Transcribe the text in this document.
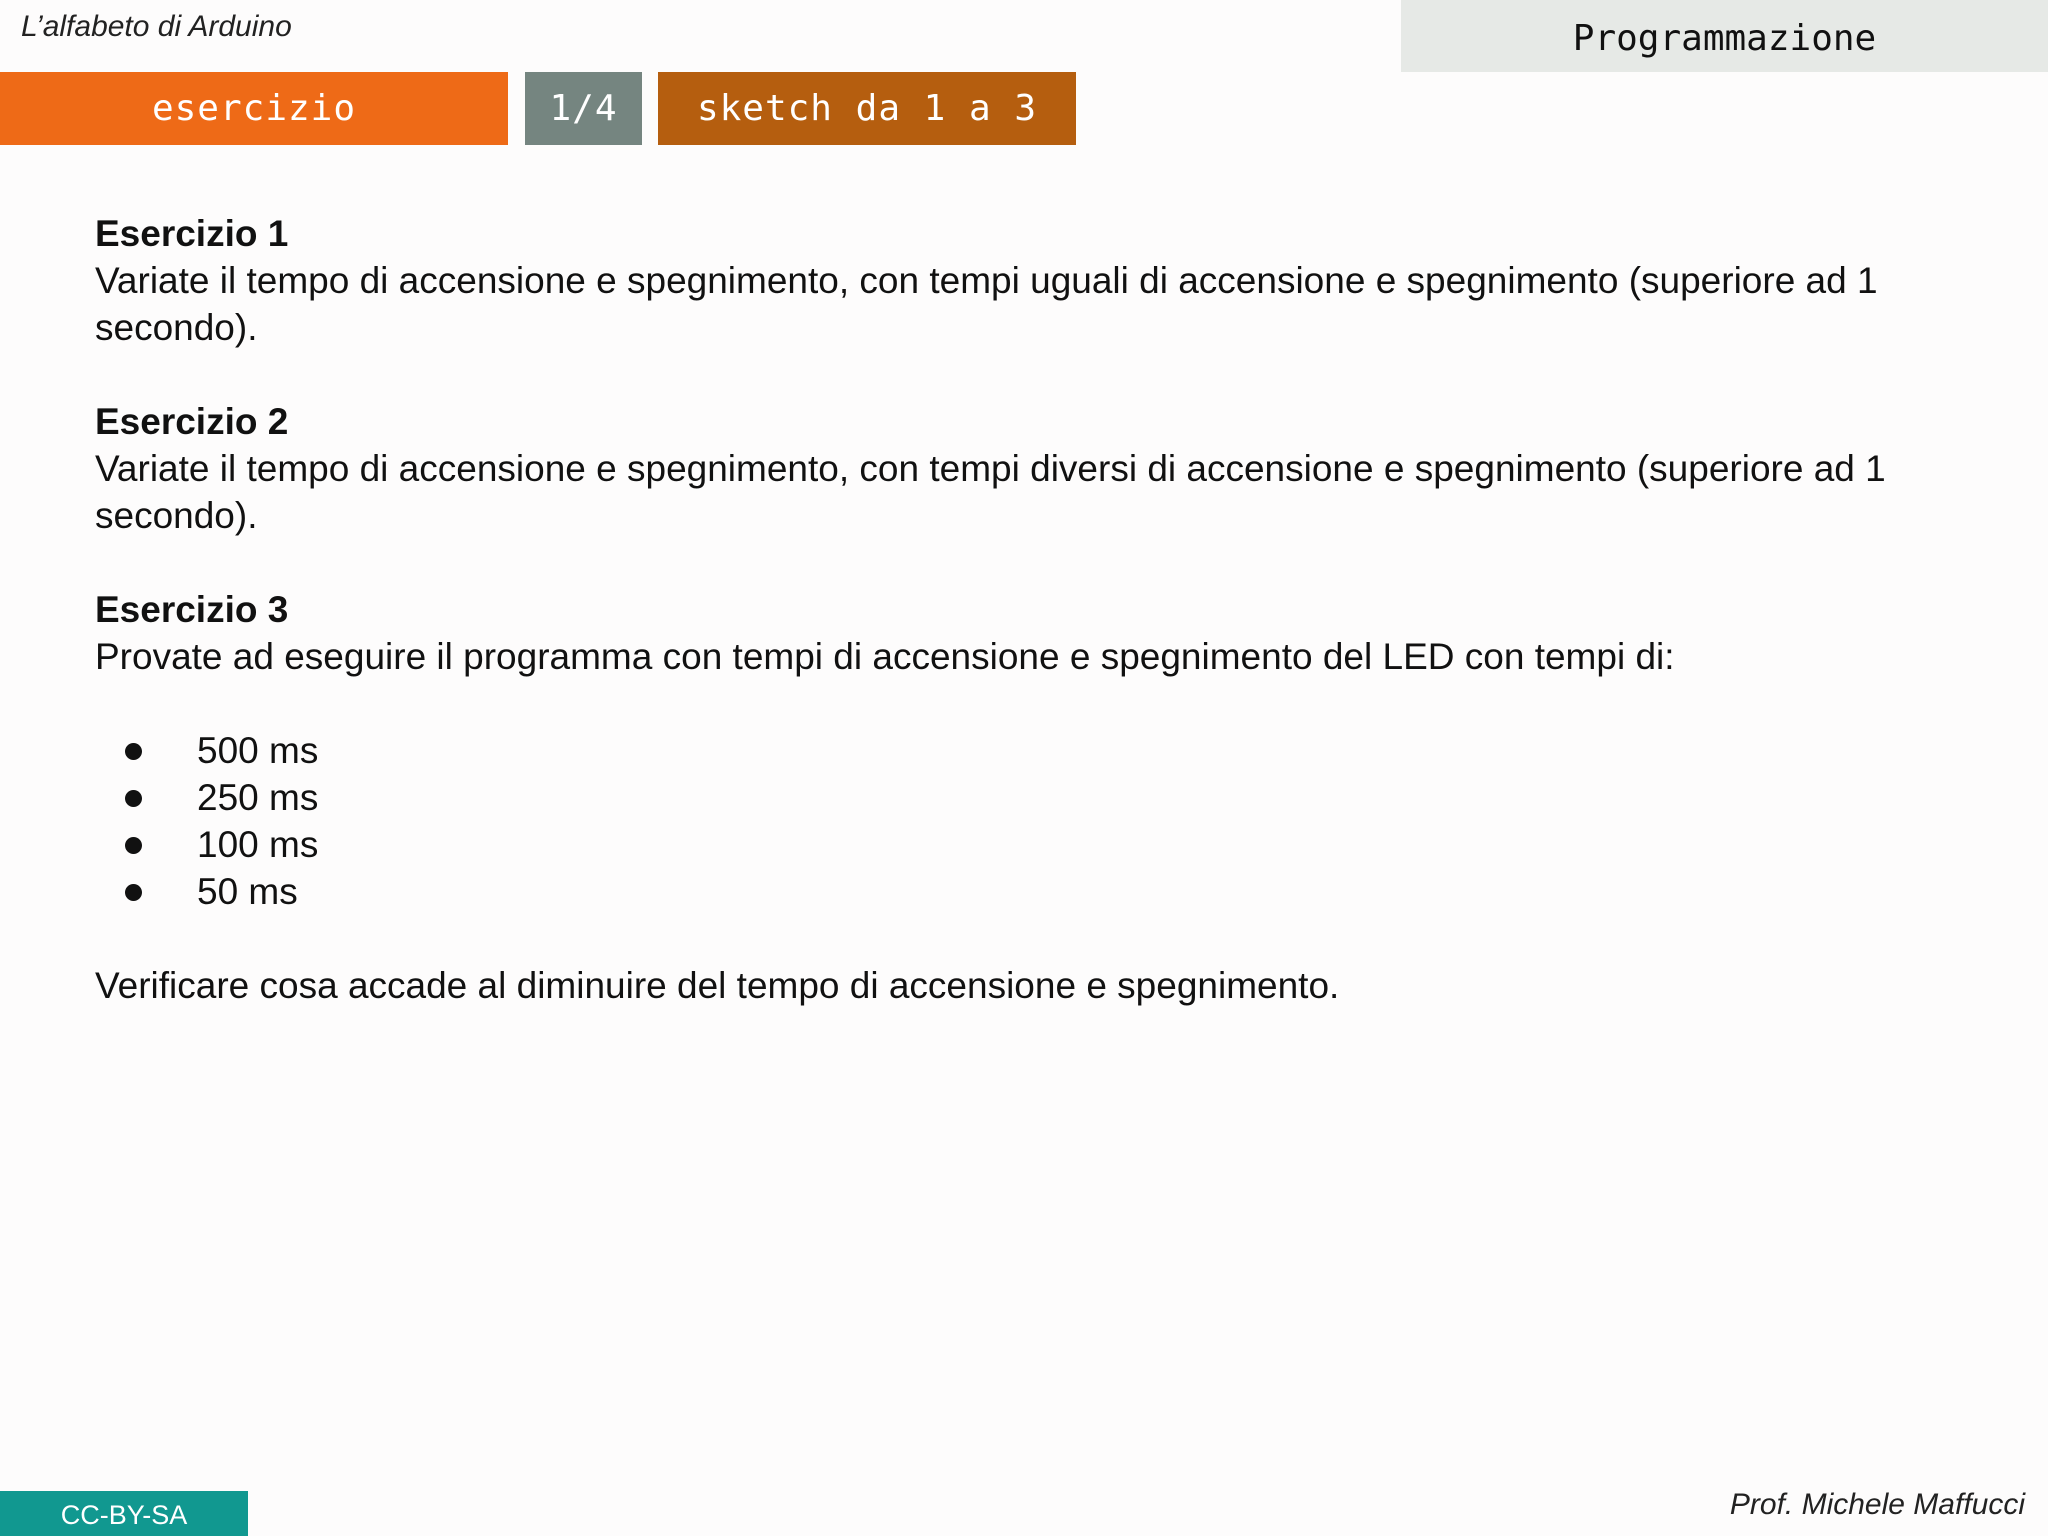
L’alfabeto di Arduino	Programmazione
esercizio	1/4	sketch da 1 a 3

Esercizio 1

Variate il tempo di accensione e spegnimento, con tempi uguali di accensione e spegnimento (superiore ad 1 secondo).

Esercizio 2

Variate il tempo di accensione e spegnimento, con tempi diversi di accensione e spegnimento (superiore ad 1 secondo).

Esercizio 3

Provate ad eseguire il programma con tempi di accensione e spegnimento del LED con tempi di:

500 ms
250 ms
100 ms
50 ms

Verificare cosa accade al diminuire del tempo di accensione e spegnimento.

CC-BY-SA	Prof. Michele Maffucci
